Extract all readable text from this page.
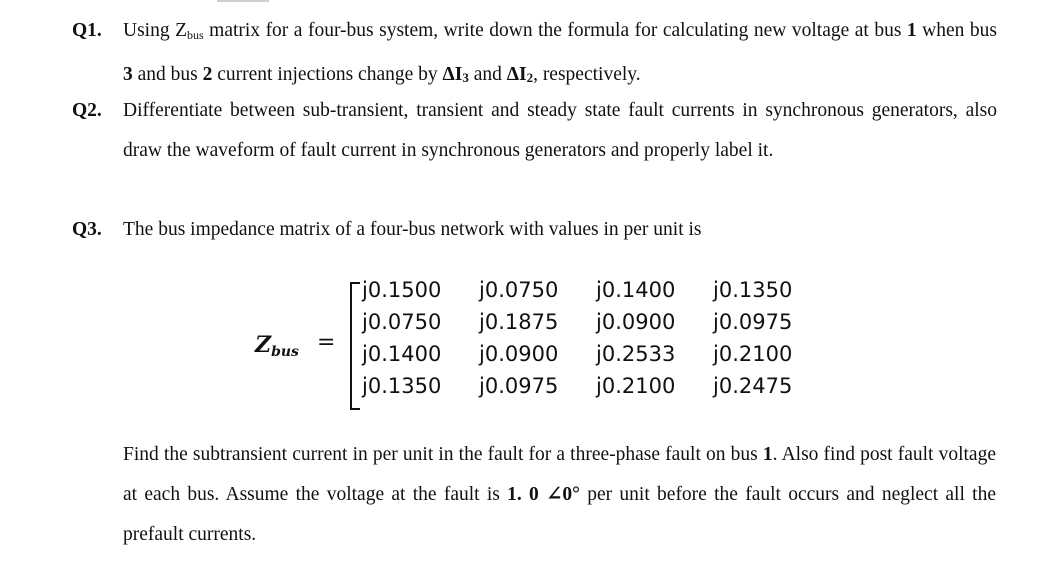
Q1. Using $Z_{bus}$ matrix for a four-bus system, write down the formula for calculating new voltage at bus 1 when bus 3 and bus 2 current injections change by $\Delta I_3$ and $\Delta I_2$, respectively.

Q2. Differentiate between sub-transient, transient and steady state fault currents in synchronous generators, also draw the waveform of fault current in synchronous generators and properly label it.

Q3. The bus impedance matrix of a four-bus network with values in per unit is

$Z_{bus}$ =
j0.1500	j0.0750	j0.1400	j0.1350
j0.0750	j0.1875	j0.0900	j0.0975
j0.1400	j0.0900	j0.2533	j0.2100
j0.1350	j0.0975	j0.2100	j0.2475

Find the subtransient current in per unit in the fault for a three-phase fault on bus 1. Also find post fault voltage at each bus. Assume the voltage at the fault is 1. 0 ∠0° per unit before the fault occurs and neglect all the prefault currents.
